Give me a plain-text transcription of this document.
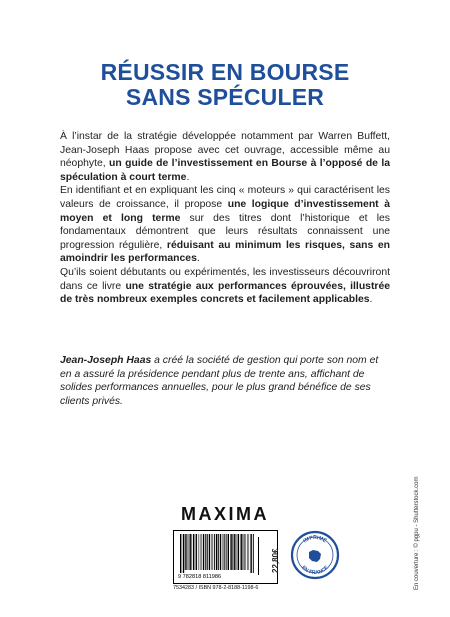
RÉUSSIR EN BOURSE
SANS SPÉCULER

À l’instar de la stratégie développée notamment par Warren Buffett, Jean-Joseph Haas propose avec cet ouvrage, accessible même au néophyte, un guide de l’investissement en Bourse à l’opposé de la spéculation à court terme.

En identifiant et en expliquant les cinq « moteurs » qui caractérisent les valeurs de croissance, il propose une logique d’investissement à moyen et long terme sur des titres dont l’historique et les fondamentaux démontrent que leurs résultats connaissent une progression régulière, réduisant au minimum les risques, sans en amoindrir les performances.

Qu’ils soient débutants ou expérimentés, les investisseurs découvriront dans ce livre une stratégie aux performances éprouvées, illustrée de très nombreux exemples concrets et facilement applicables.

Jean-Joseph Haas a créé la société de gestion qui porte son nom et en a assuré la présidence pendant plus de trente ans, affichant de solides performances annuelles, pour le plus grand bénéfice de ses clients privés.
En couverture : © pgpu - Shutterstock.com
MAXIMA
9 782818 811986
22,80€
7534283 / ISBN 978-2-8188-1198-6
IMPRIMÉ
EN FRANCE
